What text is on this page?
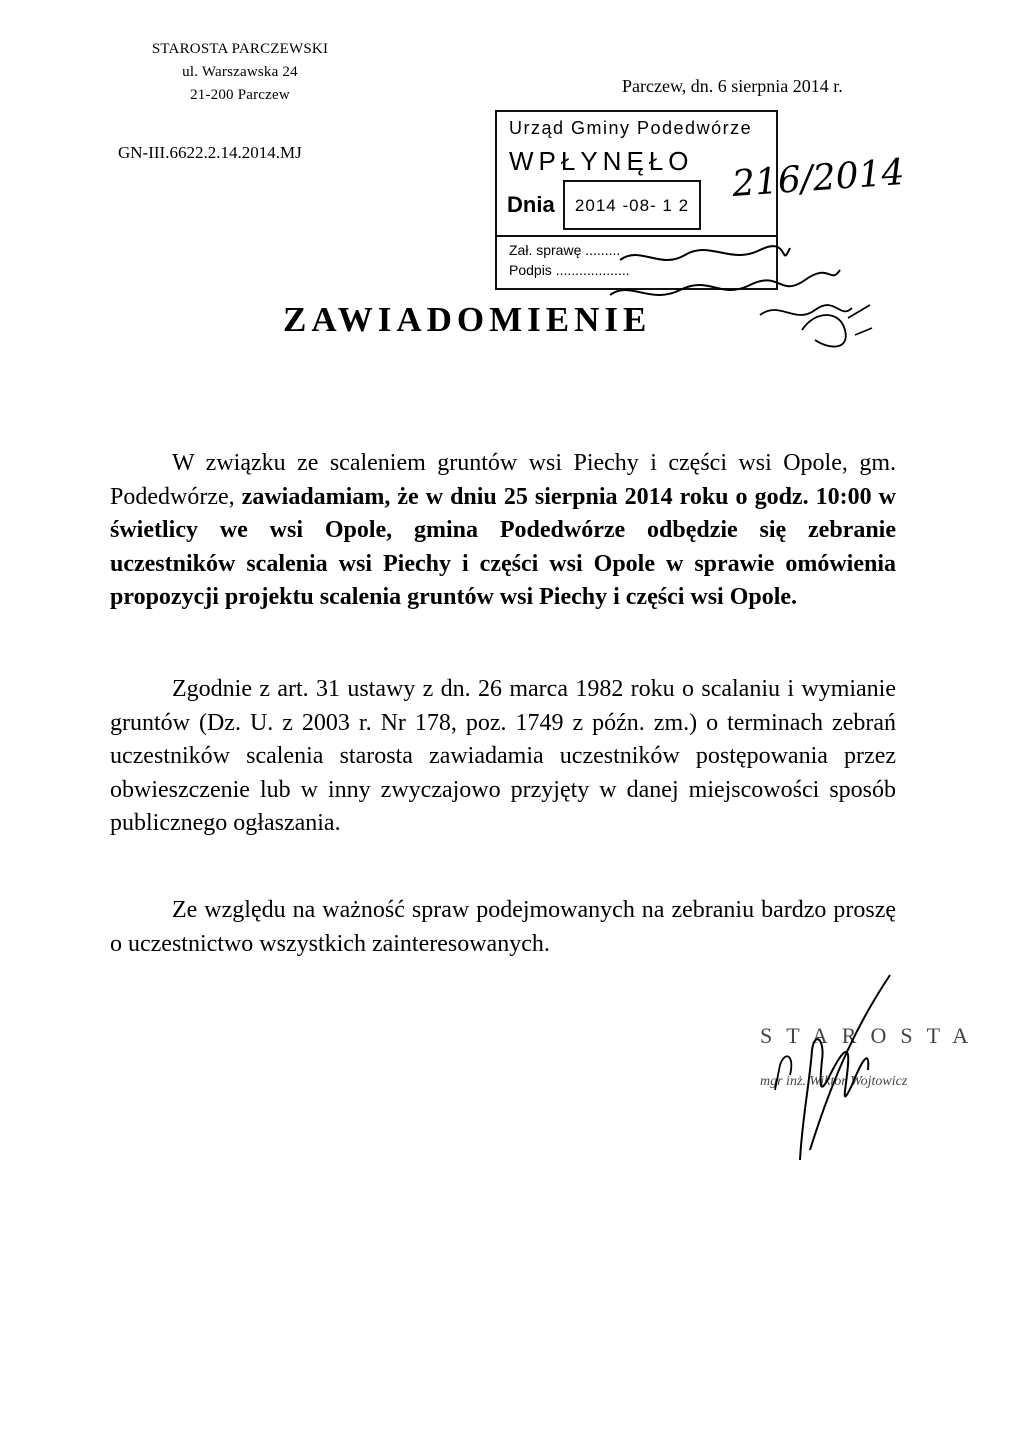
STAROSTA PARCZEWSKI
ul. Warszawska 24
21-200 Parczew
GN-III.6622.2.14.2014.MJ
Parczew, dn. 6 sierpnia 2014 r.
Urząd Gminy Podedwórze
WPŁYNĘŁO
Dnia	2014 -08- 1 2
Zał. sprawę .........
Podpis ...................
216/2014
ZAWIADOMIENIE
W związku ze scaleniem gruntów wsi Piechy i części wsi Opole, gm. Podedwórze, zawiadamiam, że w dniu 25 sierpnia 2014 roku o godz. 10:00 w świetlicy we wsi Opole, gmina Podedwórze odbędzie się zebranie uczestników scalenia wsi Piechy i części wsi Opole w sprawie omówienia propozycji projektu scalenia gruntów wsi Piechy i części wsi Opole.
Zgodnie z art. 31 ustawy z dn. 26 marca 1982 roku o scalaniu i wymianie gruntów (Dz. U. z 2003 r. Nr 178, poz. 1749 z późn. zm.) o terminach zebrań uczestników scalenia starosta zawiadamia uczestników postępowania przez obwieszczenie lub w inny zwyczajowo przyjęty w danej miejscowości sposób publicznego ogłaszania.
Ze względu na ważność spraw podejmowanych na zebraniu bardzo proszę o uczestnictwo wszystkich zainteresowanych.
STAROSTA
mgr inż. Wiktor Wojtowicz
